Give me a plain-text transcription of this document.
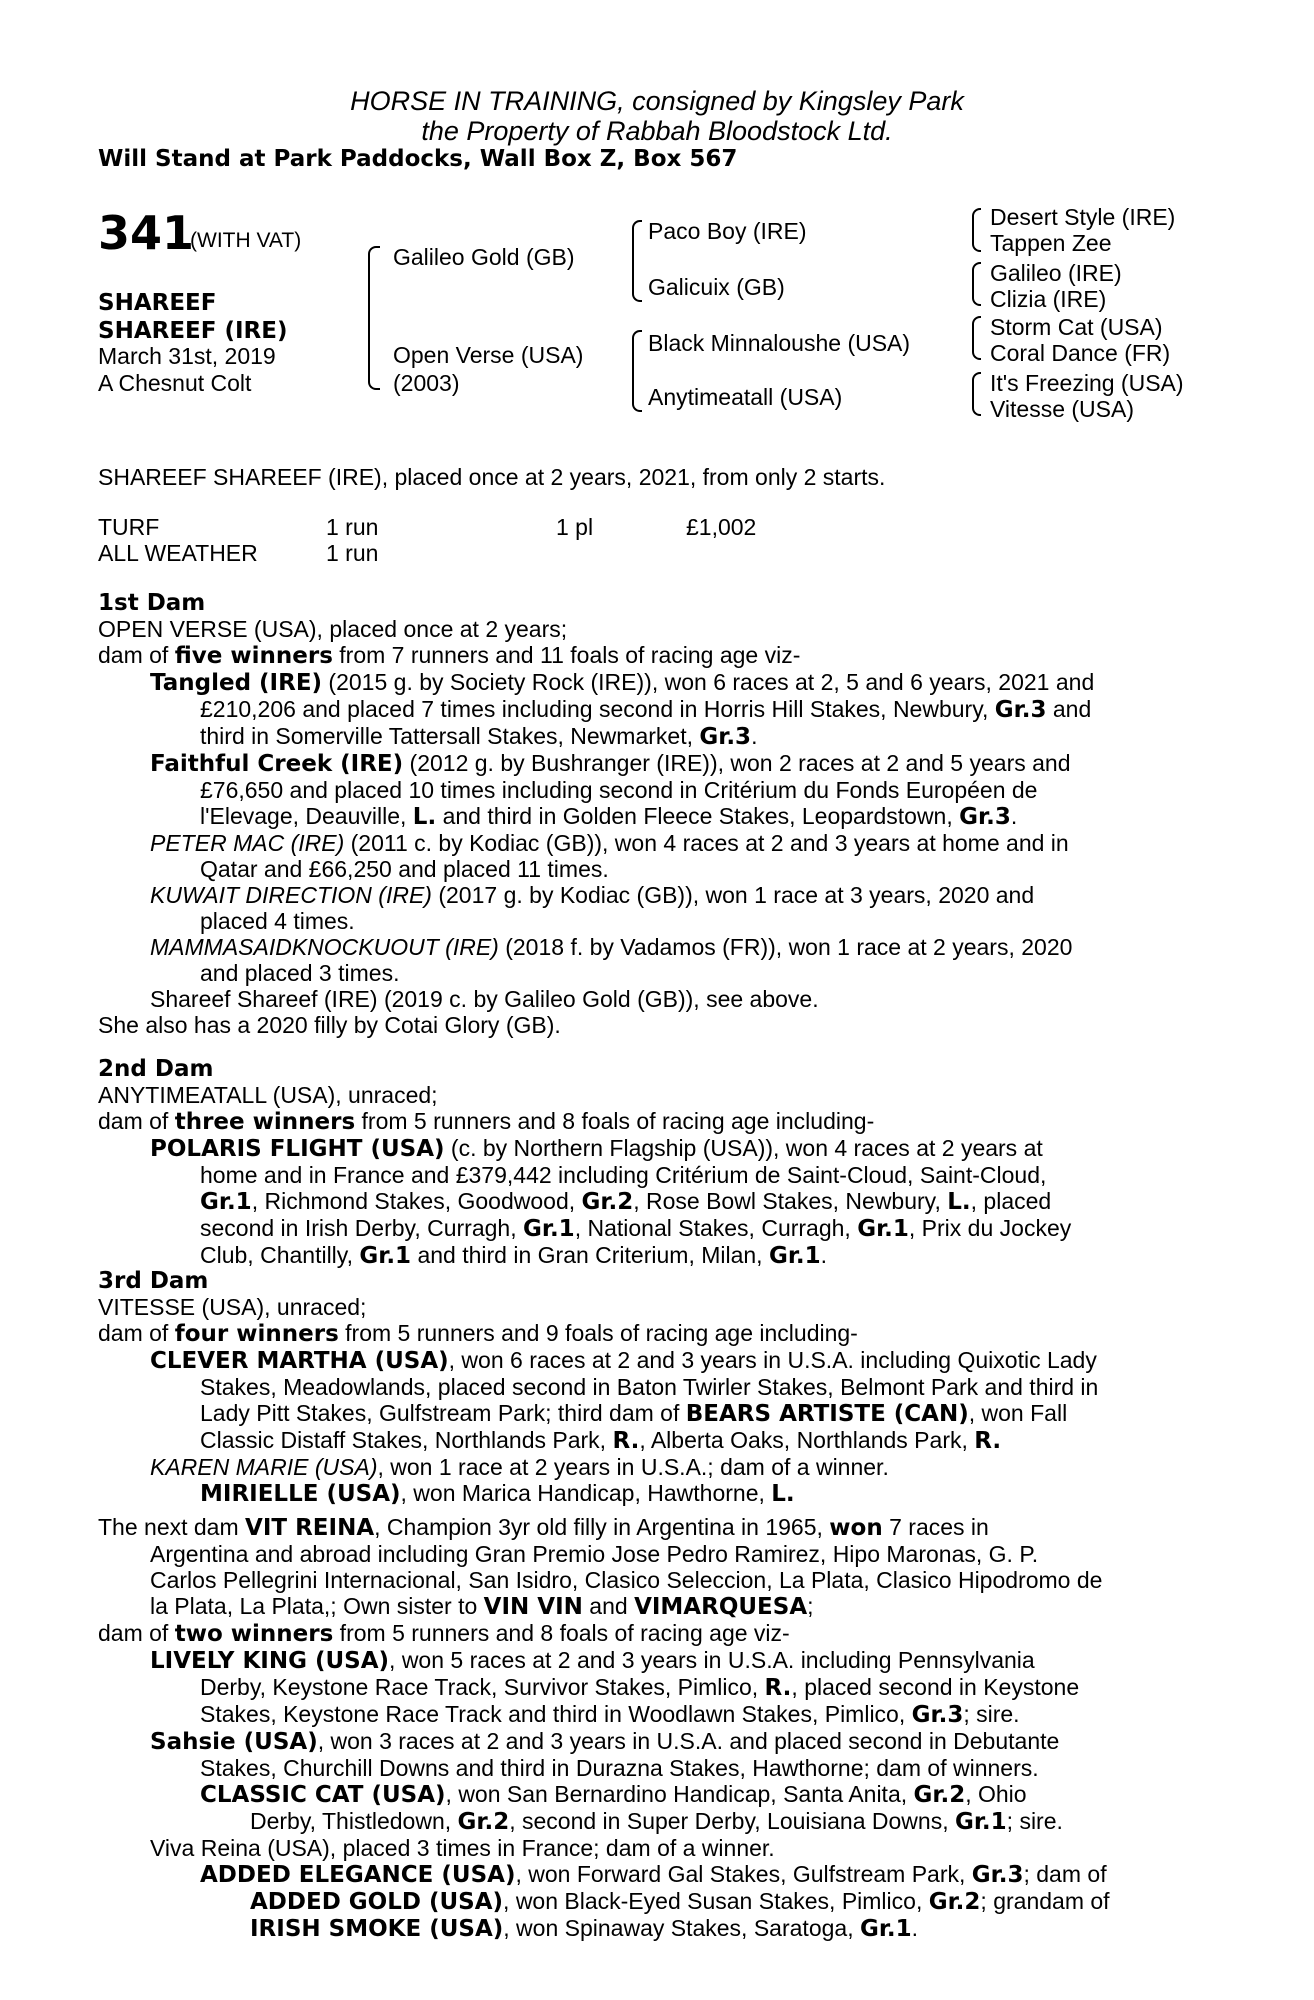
HORSE IN TRAINING, consigned by Kingsley Park
the Property of Rabbah Bloodstock Ltd.
Will Stand at Park Paddocks, Wall Box Z, Box 567
341
(WITH VAT)
SHAREEF
SHAREEF (IRE)
March 31st, 2019
A Chesnut Colt
Galileo Gold (GB)
Open Verse (USA)
(2003)
Paco Boy (IRE)
Galicuix (GB)
Black Minnaloushe (USA)
Anytimeatall (USA)
Desert Style (IRE)
Tappen Zee
Galileo (IRE)
Clizia (IRE)
Storm Cat (USA)
Coral Dance (FR)
It's Freezing (USA)
Vitesse (USA)
SHAREEF SHAREEF (IRE), placed once at 2 years, 2021, from only 2 starts.
TURF	1 run	1 pl	£1,002
ALL WEATHER	1 run
1st Dam
OPEN VERSE (USA), placed once at 2 years;
dam of five winners from 7 runners and 11 foals of racing age viz-
Tangled (IRE) (2015 g. by Society Rock (IRE)), won 6 races at 2, 5 and 6 years, 2021 and
£210,206 and placed 7 times including second in Horris Hill Stakes, Newbury, Gr.3 and
third in Somerville Tattersall Stakes, Newmarket, Gr.3.
Faithful Creek (IRE) (2012 g. by Bushranger (IRE)), won 2 races at 2 and 5 years and
£76,650 and placed 10 times including second in Critérium du Fonds Européen de
l'Elevage, Deauville, L. and third in Golden Fleece Stakes, Leopardstown, Gr.3.
PETER MAC (IRE) (2011 c. by Kodiac (GB)), won 4 races at 2 and 3 years at home and in
Qatar and £66,250 and placed 11 times.
KUWAIT DIRECTION (IRE) (2017 g. by Kodiac (GB)), won 1 race at 3 years, 2020 and
placed 4 times.
MAMMASAIDKNOCKUOUT (IRE) (2018 f. by Vadamos (FR)), won 1 race at 2 years, 2020
and placed 3 times.
Shareef Shareef (IRE) (2019 c. by Galileo Gold (GB)), see above.
She also has a 2020 filly by Cotai Glory (GB).
2nd Dam
ANYTIMEATALL (USA), unraced;
dam of three winners from 5 runners and 8 foals of racing age including-
POLARIS FLIGHT (USA) (c. by Northern Flagship (USA)), won 4 races at 2 years at
home and in France and £379,442 including Critérium de Saint-Cloud, Saint-Cloud,
Gr.1, Richmond Stakes, Goodwood, Gr.2, Rose Bowl Stakes, Newbury, L., placed
second in Irish Derby, Curragh, Gr.1, National Stakes, Curragh, Gr.1, Prix du Jockey
Club, Chantilly, Gr.1 and third in Gran Criterium, Milan, Gr.1.
3rd Dam
VITESSE (USA), unraced;
dam of four winners from 5 runners and 9 foals of racing age including-
CLEVER MARTHA (USA), won 6 races at 2 and 3 years in U.S.A. including Quixotic Lady
Stakes, Meadowlands, placed second in Baton Twirler Stakes, Belmont Park and third in
Lady Pitt Stakes, Gulfstream Park; third dam of BEARS ARTISTE (CAN), won Fall
Classic Distaff Stakes, Northlands Park, R., Alberta Oaks, Northlands Park, R.
KAREN MARIE (USA), won 1 race at 2 years in U.S.A.; dam of a winner.
MIRIELLE (USA), won Marica Handicap, Hawthorne, L.
The next dam VIT REINA, Champion 3yr old filly in Argentina in 1965, won 7 races in
Argentina and abroad including Gran Premio Jose Pedro Ramirez, Hipo Maronas, G. P.
Carlos Pellegrini Internacional, San Isidro, Clasico Seleccion, La Plata, Clasico Hipodromo de
la Plata, La Plata,; Own sister to VIN VIN and VIMARQUESA;
dam of two winners from 5 runners and 8 foals of racing age viz-
LIVELY KING (USA), won 5 races at 2 and 3 years in U.S.A. including Pennsylvania
Derby, Keystone Race Track, Survivor Stakes, Pimlico, R., placed second in Keystone
Stakes, Keystone Race Track and third in Woodlawn Stakes, Pimlico, Gr.3; sire.
Sahsie (USA), won 3 races at 2 and 3 years in U.S.A. and placed second in Debutante
Stakes, Churchill Downs and third in Durazna Stakes, Hawthorne; dam of winners.
CLASSIC CAT (USA), won San Bernardino Handicap, Santa Anita, Gr.2, Ohio
Derby, Thistledown, Gr.2, second in Super Derby, Louisiana Downs, Gr.1; sire.
Viva Reina (USA), placed 3 times in France; dam of a winner.
ADDED ELEGANCE (USA), won Forward Gal Stakes, Gulfstream Park, Gr.3; dam of
ADDED GOLD (USA), won Black-Eyed Susan Stakes, Pimlico, Gr.2; grandam of
IRISH SMOKE (USA), won Spinaway Stakes, Saratoga, Gr.1.
